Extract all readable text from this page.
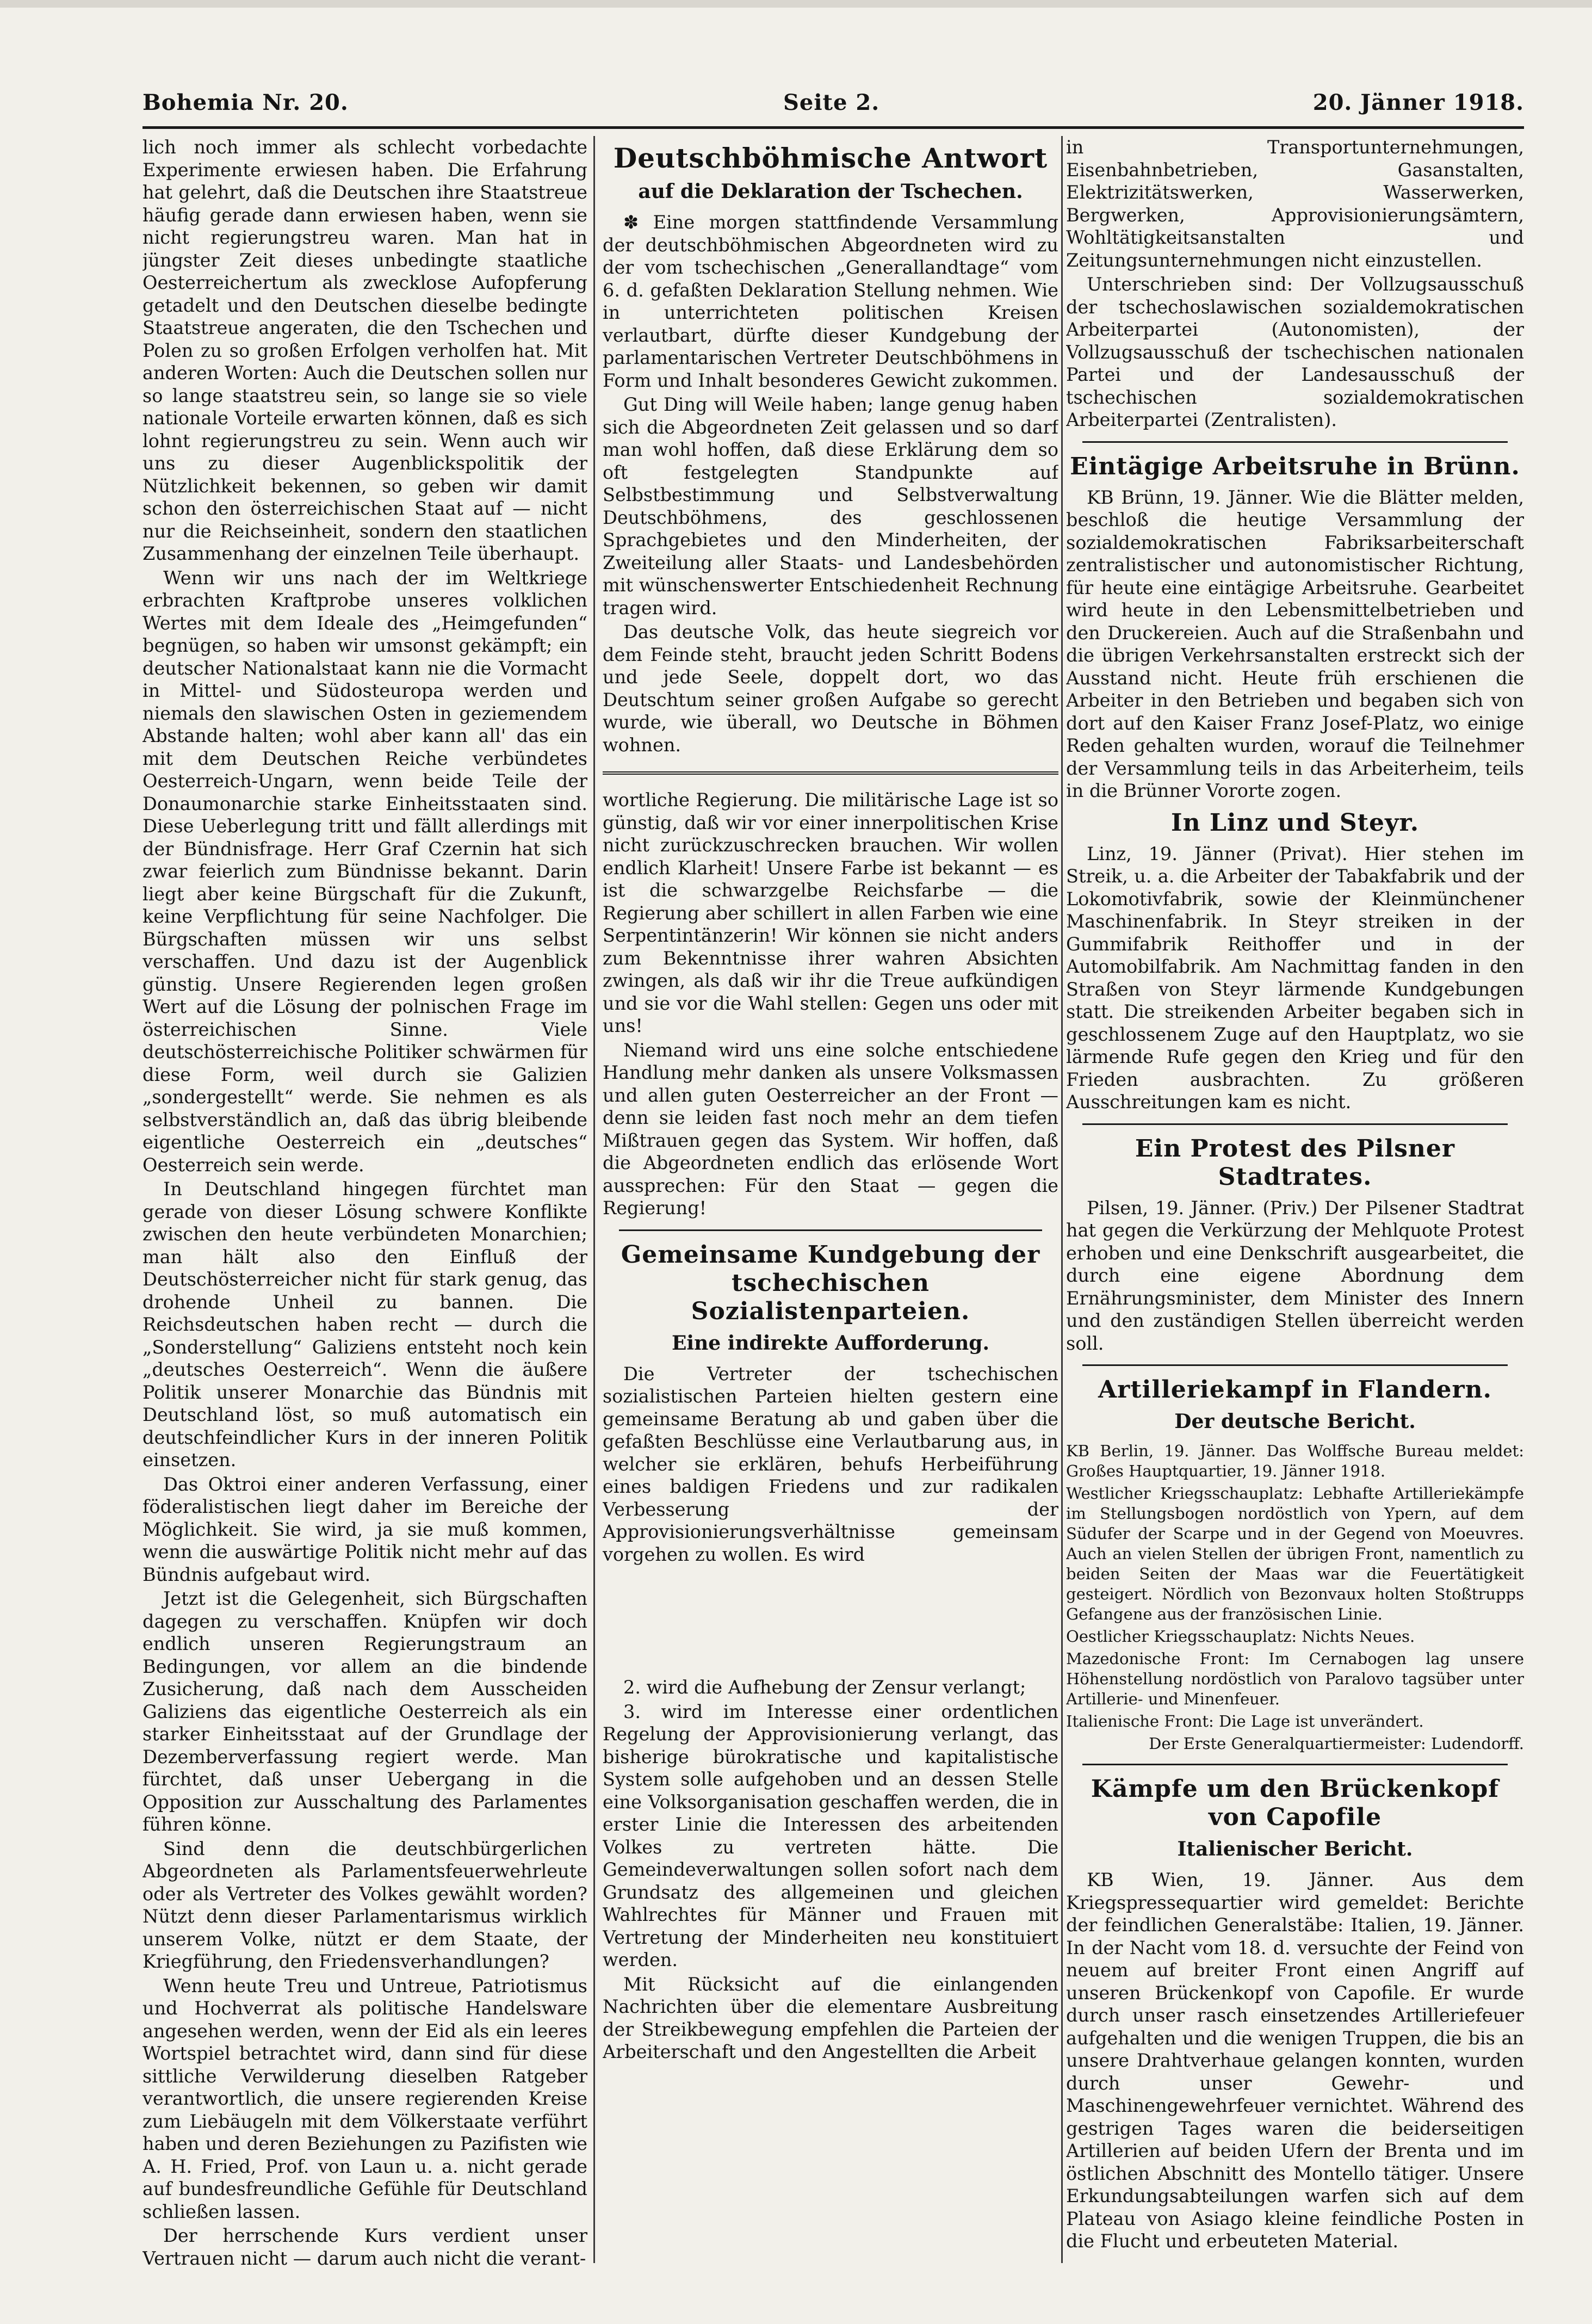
Bohemia Nr. 20.	Seite 2.	20. Jänner 1918.

lich noch immer als schlecht vorbedachte Experimente erwiesen haben. Die Erfahrung hat gelehrt, daß die Deutschen ihre Staatstreue häufig gerade dann erwiesen haben, wenn sie nicht regierungstreu waren. Man hat in jüngster Zeit dieses unbedingte staatliche Oesterreichertum als zwecklose Aufopferung getadelt und den Deutschen dieselbe bedingte Staatstreue angeraten, die den Tschechen und Polen zu so großen Erfolgen verholfen hat. Mit anderen Worten: Auch die Deutschen sollen nur so lange staatstreu sein, so lange sie so viele nationale Vorteile erwarten können, daß es sich lohnt regierungstreu zu sein. Wenn auch wir uns zu dieser Augenblickspolitik der Nützlichkeit bekennen, so geben wir damit schon den österreichischen Staat auf — nicht nur die Reichseinheit, sondern den staatlichen Zusammenhang der einzelnen Teile überhaupt.

Wenn wir uns nach der im Weltkriege erbrachten Kraftprobe unseres volklichen Wertes mit dem Ideale des „Heimgefunden“ begnügen, so haben wir umsonst gekämpft; ein deutscher Nationalstaat kann nie die Vormacht in Mittel- und Südosteuropa werden und niemals den slawischen Osten in geziemendem Abstande halten; wohl aber kann all' das ein mit dem Deutschen Reiche verbündetes Oesterreich-Ungarn, wenn beide Teile der Donaumonarchie starke Einheitsstaaten sind. Diese Ueberlegung tritt und fällt allerdings mit der Bündnisfrage. Herr Graf Czernin hat sich zwar feierlich zum Bündnisse bekannt. Darin liegt aber keine Bürgschaft für die Zukunft, keine Verpflichtung für seine Nachfolger. Die Bürgschaften müssen wir uns selbst verschaffen. Und dazu ist der Augenblick günstig. Unsere Regierenden legen großen Wert auf die Lösung der polnischen Frage im österreichischen Sinne. Viele deutschösterreichische Politiker schwärmen für diese Form, weil durch sie Galizien „sondergestellt“ werde. Sie nehmen es als selbstverständlich an, daß das übrig bleibende eigentliche Oesterreich ein „deutsches“ Oesterreich sein werde.

In Deutschland hingegen fürchtet man gerade von dieser Lösung schwere Konflikte zwischen den heute verbündeten Monarchien; man hält also den Einfluß der Deutschösterreicher nicht für stark genug, das drohende Unheil zu bannen. Die Reichsdeutschen haben recht — durch die „Sonderstellung“ Galiziens entsteht noch kein „deutsches Oesterreich“. Wenn die äußere Politik unserer Monarchie das Bündnis mit Deutschland löst, so muß automatisch ein deutschfeindlicher Kurs in der inneren Politik einsetzen.

Das Oktroi einer anderen Verfassung, einer föderalistischen liegt daher im Bereiche der Möglichkeit. Sie wird, ja sie muß kommen, wenn die auswärtige Politik nicht mehr auf das Bündnis aufgebaut wird.

Jetzt ist die Gelegenheit, sich Bürgschaften dagegen zu verschaffen. Knüpfen wir doch endlich unseren Regierungstraum an Bedingungen, vor allem an die bindende Zusicherung, daß nach dem Ausscheiden Galiziens das eigentliche Oesterreich als ein starker Einheitsstaat auf der Grundlage der Dezemberverfassung regiert werde. Man fürchtet, daß unser Uebergang in die Opposition zur Ausschaltung des Parlamentes führen könne.

Sind denn die deutschbürgerlichen Abgeordneten als Parlamentsfeuerwehrleute oder als Vertreter des Volkes gewählt worden? Nützt denn dieser Parlamentarismus wirklich unserem Volke, nützt er dem Staate, der Kriegführung, den Friedensverhandlungen?

Wenn heute Treu und Untreue, Patriotismus und Hochverrat als politische Handelsware angesehen werden, wenn der Eid als ein leeres Wortspiel betrachtet wird, dann sind für diese sittliche Verwilderung dieselben Ratgeber verantwortlich, die unsere regierenden Kreise zum Liebäugeln mit dem Völkerstaate verführt haben und deren Beziehungen zu Pazifisten wie A. H. Fried, Prof. von Laun u. a. nicht gerade auf bundesfreundliche Gefühle für Deutschland schließen lassen.

Der herrschende Kurs verdient unser Vertrauen nicht — darum auch nicht die verant-

Deutschböhmische Antwort
auf die Deklaration der Tschechen.

✽ Eine morgen stattfindende Versammlung der deutschböhmischen Abgeordneten wird zu der vom tschechischen „Generallandtage“ vom 6. d. gefaßten Deklaration Stellung nehmen. Wie in unterrichteten politischen Kreisen verlautbart, dürfte dieser Kundgebung der parlamentarischen Vertreter Deutschböhmens in Form und Inhalt besonderes Gewicht zukommen.

Gut Ding will Weile haben; lange genug haben sich die Abgeordneten Zeit gelassen und so darf man wohl hoffen, daß diese Erklärung dem so oft festgelegten Standpunkte auf Selbstbestimmung und Selbstverwaltung Deutschböhmens, des geschlossenen Sprachgebietes und den Minderheiten, der Zweiteilung aller Staats- und Landesbehörden mit wünschenswerter Entschiedenheit Rechnung tragen wird.

Das deutsche Volk, das heute siegreich vor dem Feinde steht, braucht jeden Schritt Bodens und jede Seele, doppelt dort, wo das Deutschtum seiner großen Aufgabe so gerecht wurde, wie überall, wo Deutsche in Böhmen wohnen.

wortliche Regierung. Die militärische Lage ist so günstig, daß wir vor einer innerpolitischen Krise nicht zurückzuschrecken brauchen. Wir wollen endlich Klarheit! Unsere Farbe ist bekannt — es ist die schwarzgelbe Reichsfarbe — die Regierung aber schillert in allen Farben wie eine Serpentintänzerin! Wir können sie nicht anders zum Bekenntnisse ihrer wahren Absichten zwingen, als daß wir ihr die Treue aufkündigen und sie vor die Wahl stellen: Gegen uns oder mit uns!

Niemand wird uns eine solche entschiedene Handlung mehr danken als unsere Volksmassen und allen guten Oesterreicher an der Front — denn sie leiden fast noch mehr an dem tiefen Mißtrauen gegen das System. Wir hoffen, daß die Abgeordneten endlich das erlösende Wort aussprechen: Für den Staat — gegen die Regierung!

Gemeinsame Kundgebung der tschechischen Sozialistenparteien.
Eine indirekte Aufforderung.

Die Vertreter der tschechischen sozialistischen Parteien hielten gestern eine gemeinsame Beratung ab und gaben über die gefaßten Beschlüsse eine Verlautbarung aus, in welcher sie erklären, behufs Herbeiführung eines baldigen Friedens und zur radikalen Verbesserung der Approvisionierungsverhältnisse gemeinsam vorgehen zu wollen. Es wird

2. wird die Aufhebung der Zensur verlangt;

3. wird im Interesse einer ordentlichen Regelung der Approvisionierung verlangt, das bisherige bürokratische und kapitalistische System solle aufgehoben und an dessen Stelle eine Volksorganisation geschaffen werden, die in erster Linie die Interessen des arbeitenden Volkes zu vertreten hätte. Die Gemeindeverwaltungen sollen sofort nach dem Grundsatz des allgemeinen und gleichen Wahlrechtes für Männer und Frauen mit Vertretung der Minderheiten neu konstituiert werden.

Mit Rücksicht auf die einlangenden Nachrichten über die elementare Ausbreitung der Streikbewegung empfehlen die Parteien der Arbeiterschaft und den Angestellten die Arbeit

in Transportunternehmungen, Eisenbahnbetrieben, Gasanstalten, Elektrizitätswerken, Wasserwerken, Bergwerken, Approvisionierungsämtern, Wohltätigkeitsanstalten und Zeitungsunternehmungen nicht einzustellen.

Unterschrieben sind: Der Vollzugsausschuß der tschechoslawischen sozialdemokratischen Arbeiterpartei (Autonomisten), der Vollzugsausschuß der tschechischen nationalen Partei und der Landesausschuß der tschechischen sozialdemokratischen Arbeiterpartei (Zentralisten).

Eintägige Arbeitsruhe in Brünn.

KB Brünn, 19. Jänner. Wie die Blätter melden, beschloß die heutige Versammlung der sozialdemokratischen Fabriksarbeiterschaft zentralistischer und autonomistischer Richtung, für heute eine eintägige Arbeitsruhe. Gearbeitet wird heute in den Lebensmittelbetrieben und den Druckereien. Auch auf die Straßenbahn und die übrigen Verkehrsanstalten erstreckt sich der Ausstand nicht. Heute früh erschienen die Arbeiter in den Betrieben und begaben sich von dort auf den Kaiser Franz Josef-Platz, wo einige Reden gehalten wurden, worauf die Teilnehmer der Versammlung teils in das Arbeiterheim, teils in die Brünner Vororte zogen.

In Linz und Steyr.

Linz, 19. Jänner (Privat). Hier stehen im Streik, u. a. die Arbeiter der Tabakfabrik und der Lokomotivfabrik, sowie der Kleinmünchener Maschinenfabrik. In Steyr streiken in der Gummifabrik Reithoffer und in der Automobilfabrik. Am Nachmittag fanden in den Straßen von Steyr lärmende Kundgebungen statt. Die streikenden Arbeiter begaben sich in geschlossenem Zuge auf den Hauptplatz, wo sie lärmende Rufe gegen den Krieg und für den Frieden ausbrachten. Zu größeren Ausschreitungen kam es nicht.

Ein Protest des Pilsner Stadtrates.

Pilsen, 19. Jänner. (Priv.) Der Pilsener Stadtrat hat gegen die Verkürzung der Mehlquote Protest erhoben und eine Denkschrift ausgearbeitet, die durch eine eigene Abordnung dem Ernährungsminister, dem Minister des Innern und den zuständigen Stellen überreicht werden soll.

Artilleriekampf in Flandern.
Der deutsche Bericht.

KB Berlin, 19. Jänner. Das Wolffsche Bureau meldet: Großes Hauptquartier, 19. Jänner 1918.

Westlicher Kriegsschauplatz: Lebhafte Artilleriekämpfe im Stellungsbogen nordöstlich von Ypern, auf dem Südufer der Scarpe und in der Gegend von Moeuvres. Auch an vielen Stellen der übrigen Front, namentlich zu beiden Seiten der Maas war die Feuertätigkeit gesteigert. Nördlich von Bezonvaux holten Stoßtrupps Gefangene aus der französischen Linie.

Oestlicher Kriegsschauplatz: Nichts Neues.

Mazedonische Front: Im Cernabogen lag unsere Höhenstellung nordöstlich von Paralovo tagsüber unter Artillerie- und Minenfeuer.

Italienische Front: Die Lage ist unverändert.

Der Erste Generalquartiermeister: Ludendorff.

Kämpfe um den Brückenkopf von Capofile
Italienischer Bericht.

KB Wien, 19. Jänner. Aus dem Kriegspressequartier wird gemeldet: Berichte der feindlichen Generalstäbe: Italien, 19. Jänner. In der Nacht vom 18. d. versuchte der Feind von neuem auf breiter Front einen Angriff auf unseren Brückenkopf von Capofile. Er wurde durch unser rasch einsetzendes Artilleriefeuer aufgehalten und die wenigen Truppen, die bis an unsere Drahtverhaue gelangen konnten, wurden durch unser Gewehr- und Maschinengewehrfeuer vernichtet. Während des gestrigen Tages waren die beiderseitigen Artillerien auf beiden Ufern der Brenta und im östlichen Abschnitt des Montello tätiger. Unsere Erkundungsabteilungen warfen sich auf dem Plateau von Asiago kleine feindliche Posten in die Flucht und erbeuteten Material.
